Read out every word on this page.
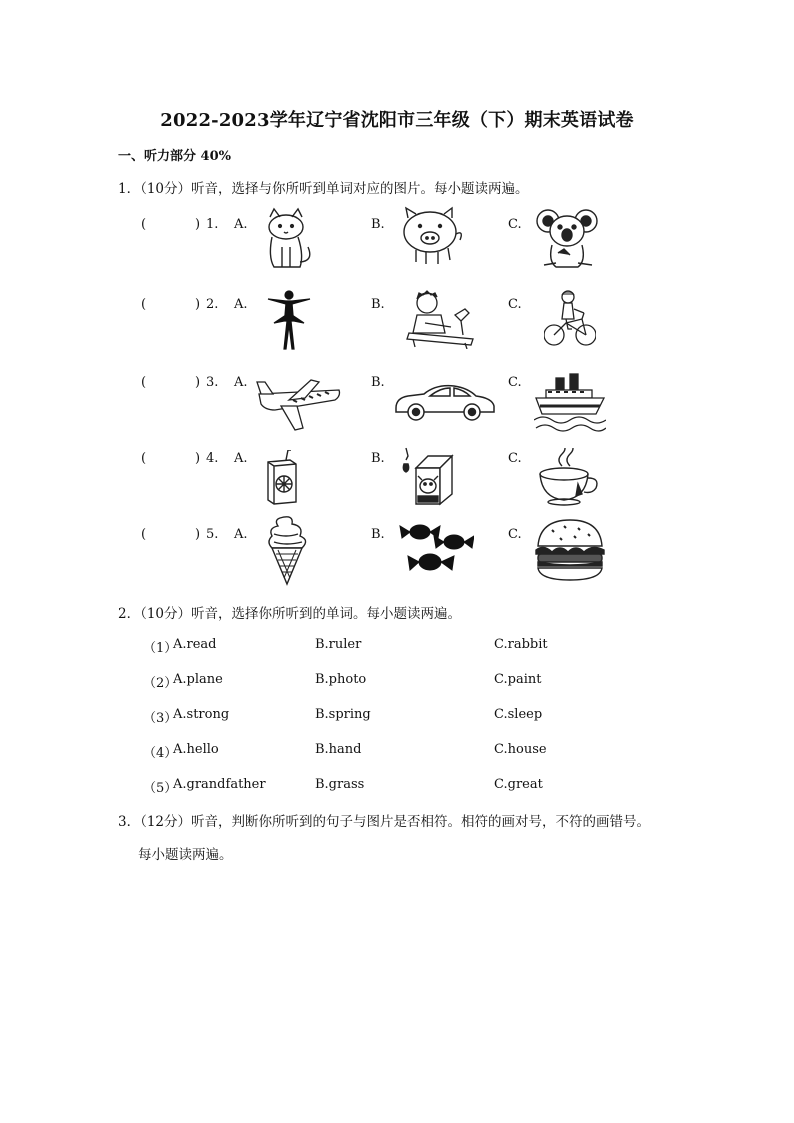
2022-2023学年辽宁省沈阳市三年级（下）期末英语试卷
一、听力部分 40%
1．（10分）听音，选择与你所听到单词对应的图片。每小题读两遍。
(	) 1. A.	B.	C.
(	) 2. A.	B.	C.
(	) 3. A.	B.	C.
(	) 4. A.	B.	C.
(	) 5. A.	B.	C.
2．（10分）听音，选择你所听到的单词。每小题读两遍。
（1）
A.read	B.ruler	C.rabbit
（2）
A.plane	B.photo	C.paint
（3）
A.strong	B.spring	C.sleep
（4）
A.hello	B.hand	C.house
（5）
A.grandfather	B.grass	C.great
3．（12分）听音，判断你所听到的句子与图片是否相符。相符的画对号，不符的画错号。
每小题读两遍。
